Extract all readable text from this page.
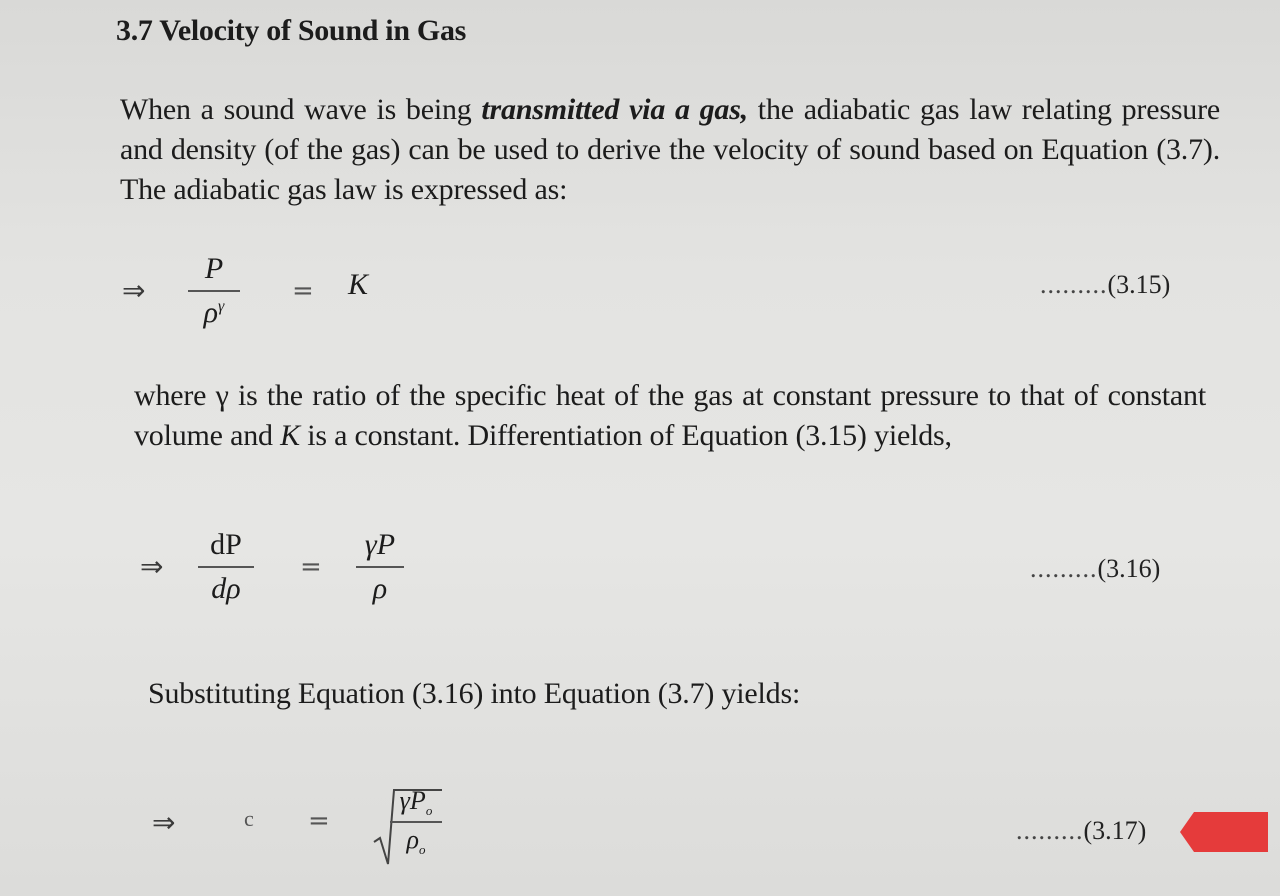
3.7 Velocity of Sound in Gas
When a sound wave is being transmitted via a gas, the adiabatic gas law relating pressure and density (of the gas) can be used to derive the velocity of sound based on Equation (3.7). The adiabatic gas law is expressed as:
⇒
P
$\rho^\gamma$
= K	.........(3.15)
where γ is the ratio of the specific heat of the gas at constant pressure to that of constant volume and K is a constant. Differentiation of Equation (3.15) yields,
⇒
dP
dρ
=
γP
ρ
.........(3.16)
Substituting Equation (3.16) into Equation (3.7) yields:
⇒	c =
$\gamma P_o$
$\rho_o$
.........(3.17)
